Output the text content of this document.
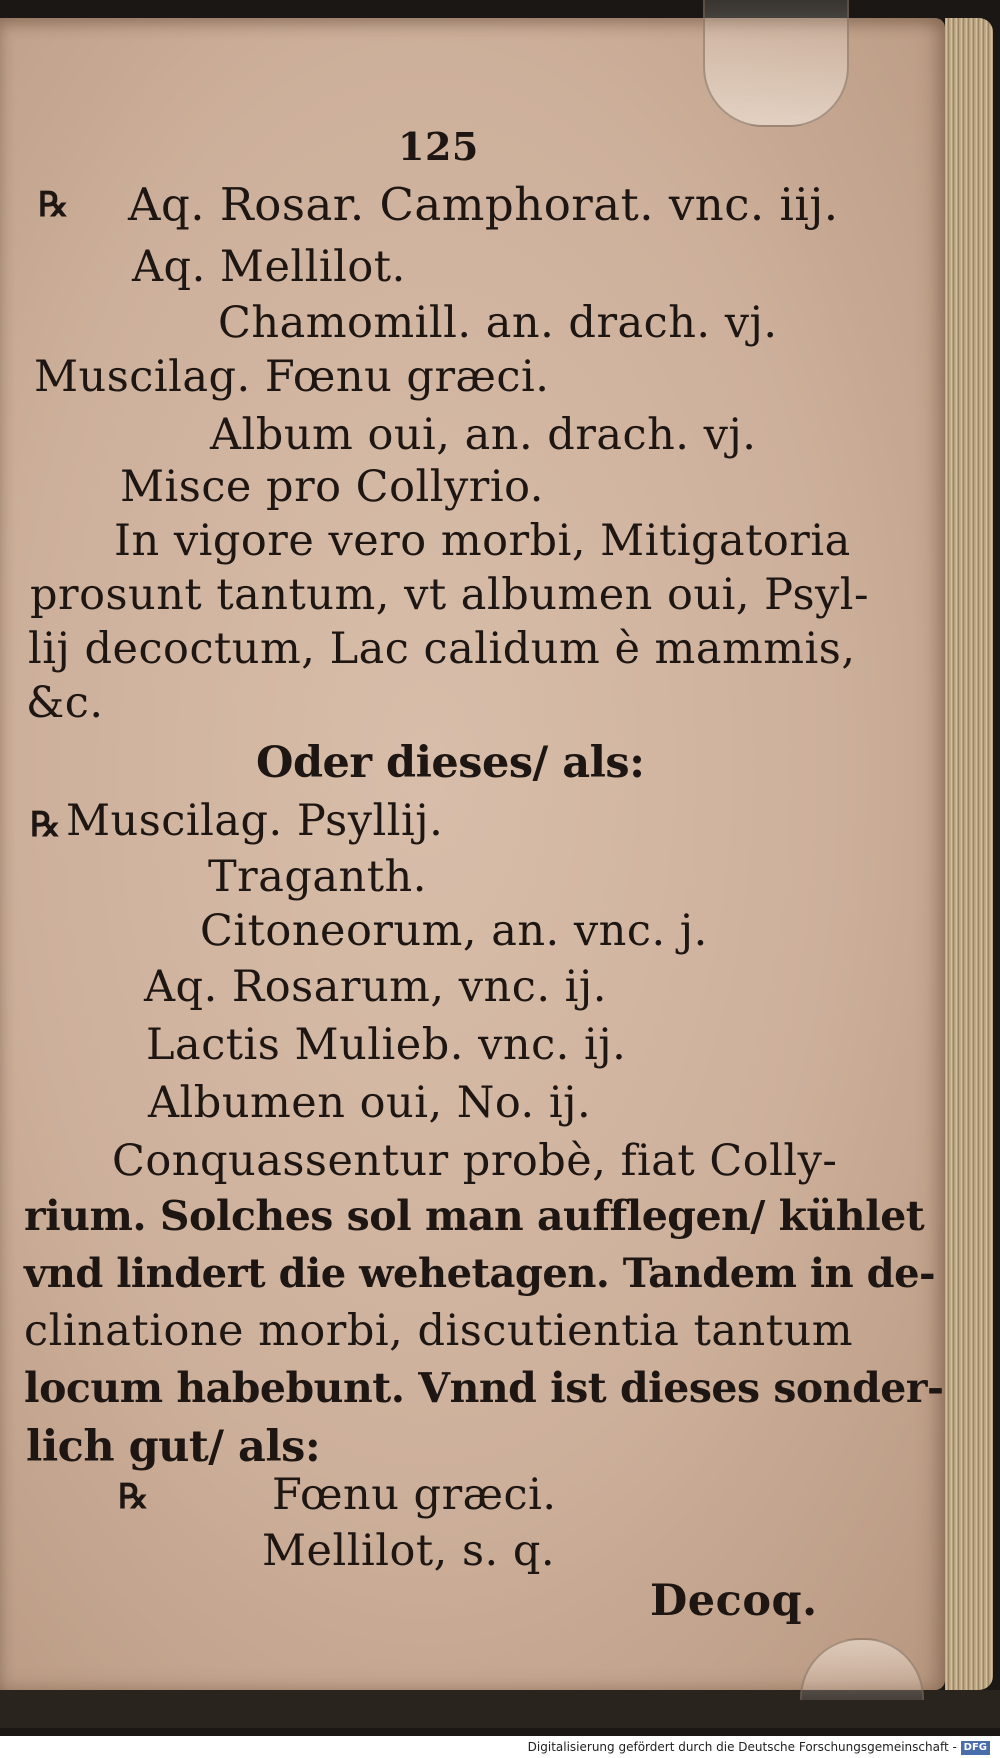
125
℞ Aq. Rosar. Camphorat. vnc. iij.
Aq. Mellilot.
Chamomill. an. drach. vj.
Muscilag. Fœnu græci.
Album oui, an. drach. vj.
Misce pro Collyrio.
In vigore vero morbi, Mitigatoria
prosunt tantum, vt albumen oui, Psyl-
lij decoctum, Lac calidum è mammis,
&c.
Oder dieses/ als:
℞ Muscilag. Psyllij.
Traganth.
Citoneorum, an. vnc. j.
Aq. Rosarum, vnc. ij.
Lactis Mulieb. vnc. ij.
Albumen oui, No. ij.
Conquassentur probè, fiat Colly-
rium. Solches sol man aufflegen/ kühlet
vnd lindert die wehetagen. Tandem in de-
clinatione morbi, discutientia tantum
locum habebunt. Vnnd ist dieses sonder-
lich gut/ als:
℞	Fœnu græci.
Mellilot, s. q.
Decoq.
Digitalisierung gefördert durch die Deutsche Forschungsgemeinschaft - DFG
